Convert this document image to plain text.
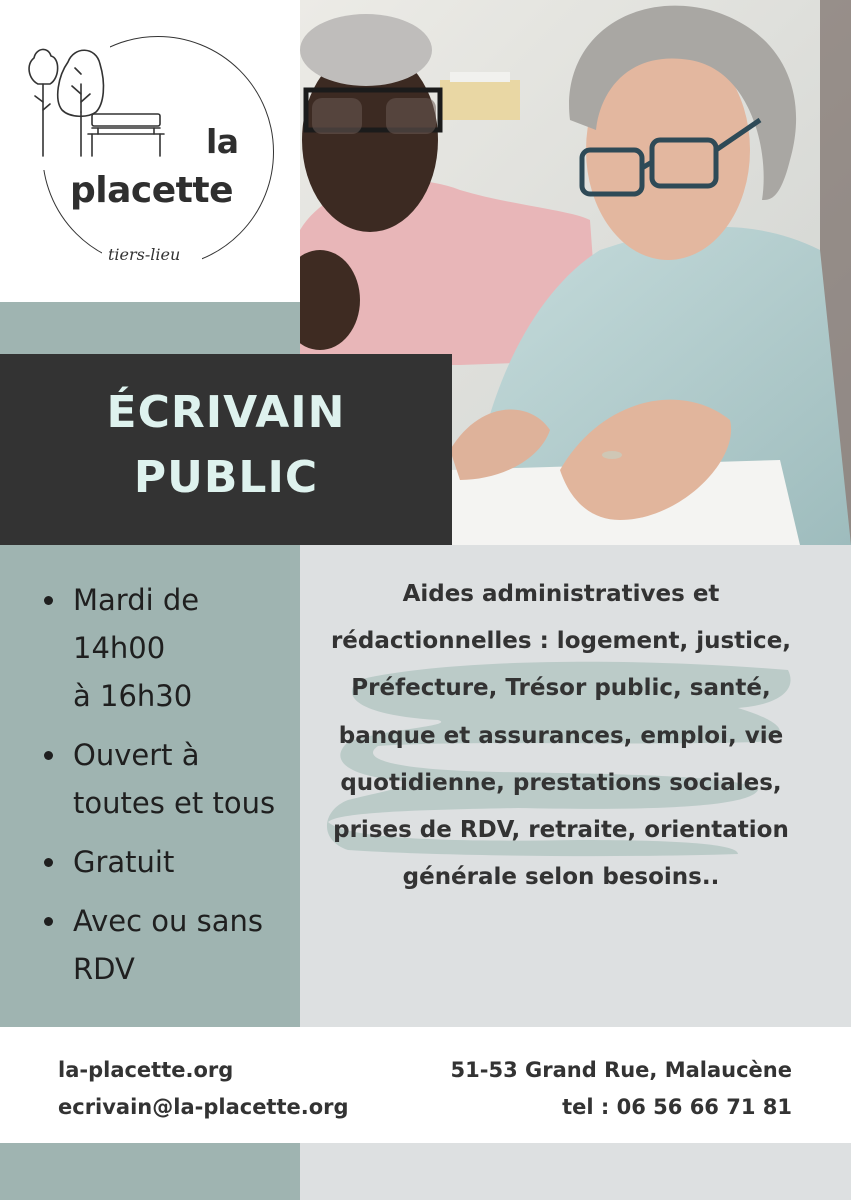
la
placette
tiers-lieu
ÉCRIVAIN
PUBLIC
Mardi de
14h00
à 16h30
Ouvert à
toutes et tous
Gratuit
Avec ou sans
RDV
Aides administratives et rédactionnelles : logement, justice, Préfecture, Trésor public, santé, banque et assurances, emploi, vie quotidienne, prestations sociales, prises de RDV, retraite, orientation générale selon besoins..
la-placette.org
ecrivain@la-placette.org
51-53 Grand Rue, Malaucène
tel : 06 56 66 71 81
